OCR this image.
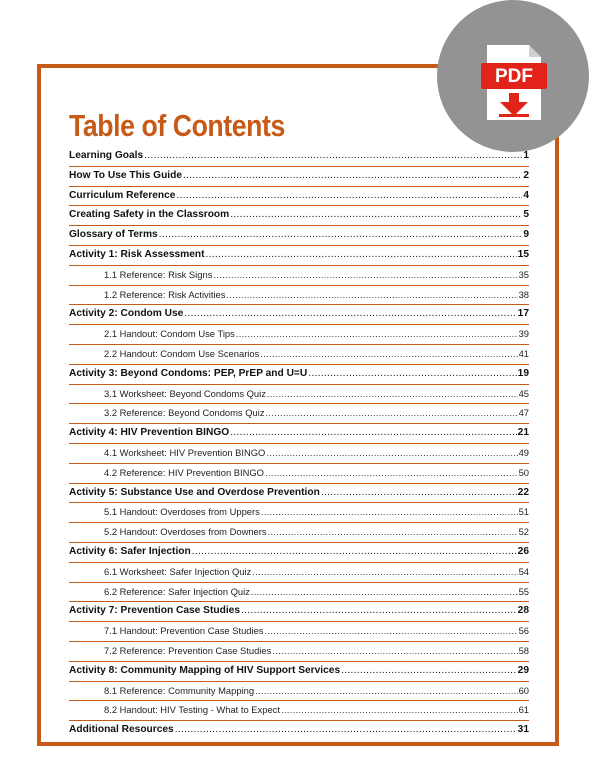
Table of Contents
Learning Goals .....	1
How To Use This Guide .....	2
Curriculum Reference .....	4
Creating Safety in the Classroom .....	5
Glossary of Terms .....	9
Activity 1: Risk Assessment .....	15
1.1 Reference: Risk Signs .....	35
1.2 Reference: Risk Activities .....	38
Activity 2: Condom Use .....	17
2.1 Handout: Condom Use Tips .....	39
2.2 Handout: Condom Use Scenarios .....	41
Activity 3: Beyond Condoms: PEP, PrEP and U=U .....	19
3.1 Worksheet: Beyond Condoms Quiz .....	45
3.2 Reference: Beyond Condoms Quiz .....	47
Activity 4: HIV Prevention BINGO .....	21
4.1 Worksheet: HIV Prevention BINGO .....	49
4.2 Reference: HIV Prevention BINGO .....	50
Activity 5: Substance Use and Overdose Prevention .....	22
5.1 Handout: Overdoses from Uppers .....	51
5.2 Handout: Overdoses from Downers .....	52
Activity 6: Safer Injection .....	26
6.1 Worksheet: Safer Injection Quiz .....	54
6.2 Reference: Safer Injection Quiz .....	55
Activity 7: Prevention Case Studies .....	28
7.1 Handout: Prevention Case Studies .....	56
7.2 Reference: Prevention Case Studies .....	58
Activity 8: Community Mapping of HIV Support Services .....	29
8.1 Reference: Community Mapping .....	60
8.2 Handout: HIV Testing - What to Expect .....	61
Additional Resources .....	31
PDF
